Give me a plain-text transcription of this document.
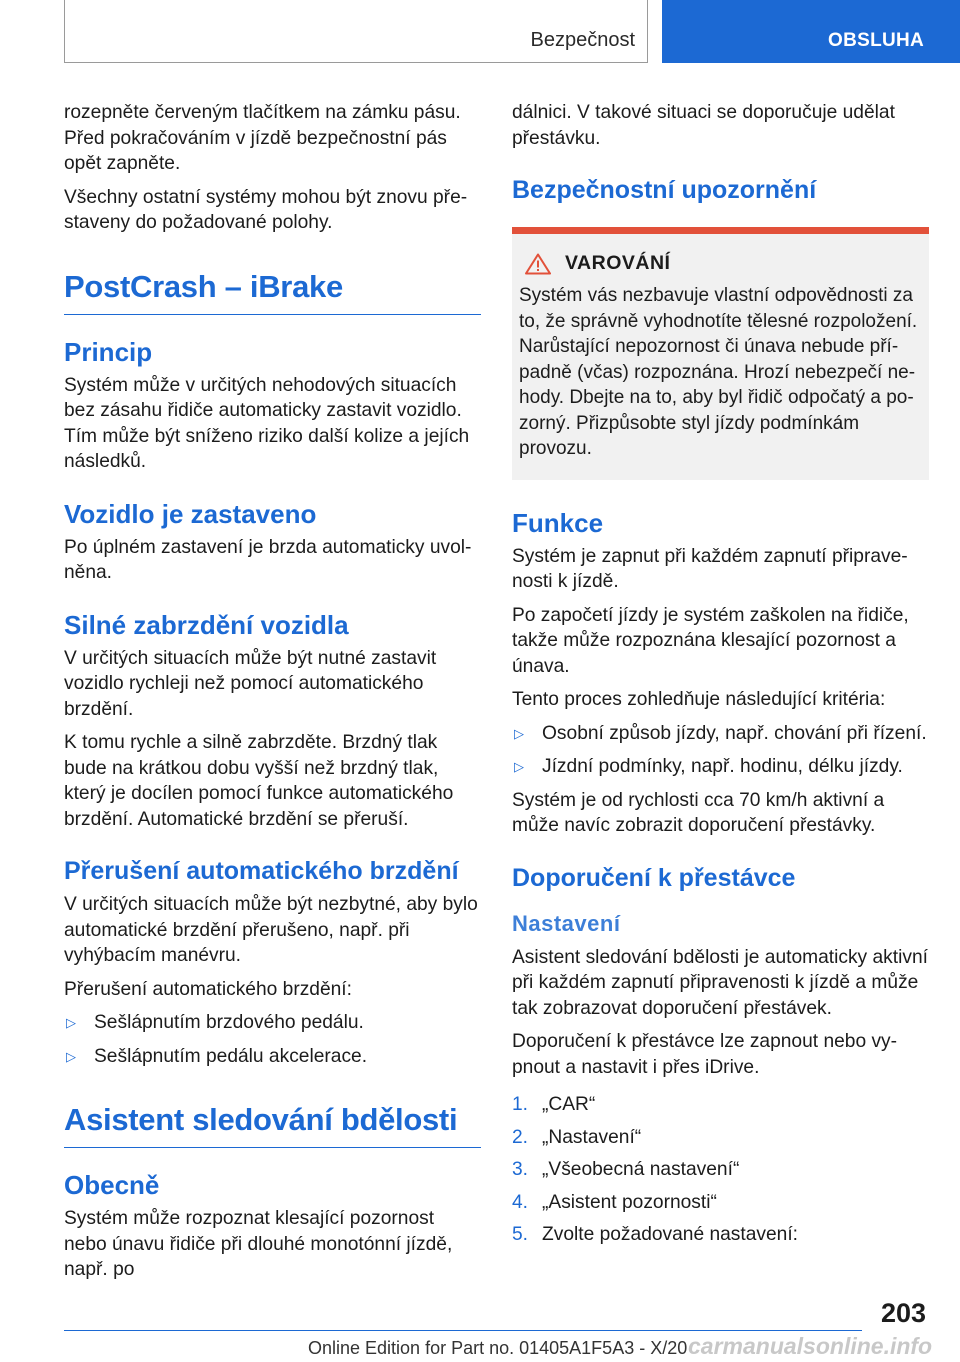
Bezpečnost	OBSLUHA

rozepněte červeným tlačítkem na zámku pásu. Před pokračováním v jízdě bezpečnostní pás opět zapněte.

Všechny ostatní systémy mohou být znovu přestaveny do požadované polohy.

PostCrash – iBrake
Princip

Systém může v určitých nehodových situacích bez zásahu řidiče automaticky zastavit vozidlo. Tím může být sníženo riziko další kolize a jejích následků.

Vozidlo je zastaveno

Po úplném zastavení je brzda automaticky uvolněna.

Silné zabrzdění vozidla

V určitých situacích může být nutné zastavit vozidlo rychleji než pomocí automatického brzdění.

K tomu rychle a silně zabrzděte. Brzdný tlak bude na krátkou dobu vyšší než brzdný tlak, který je docílen pomocí funkce automatického brzdění. Automatické brzdění se přeruší.

Přerušení automatického brzdění

V určitých situacích může být nezbytné, aby bylo automatické brzdění přerušeno, např. při vyhýbacím manévru.

Přerušení automatického brzdění:

▷ Sešlápnutím brzdového pedálu.
▷ Sešlápnutím pedálu akcelerace.
Asistent sledování bdělosti
Obecně

Systém může rozpoznat klesající pozornost nebo únavu řidiče při dlouhé monotónní jízdě, např. po

dálnici. V takové situaci se doporučuje udělat přestávku.

Bezpečnostní upozornění
VAROVÁNÍ

Systém vás nezbavuje vlastní odpovědnosti za to, že správně vyhodnotíte tělesné rozpoložení. Narůstající nepozornost či únava nebude případně (včas) rozpoznána. Hrozí nebezpečí nehody. Dbejte na to, aby byl řidič odpočatý a pozorný. Přizpůsobte styl jízdy podmínkám provozu.

Funkce

Systém je zapnut při každém zapnutí připravenosti k jízdě.

Po započetí jízdy je systém zaškolen na řidiče, takže může rozpoznána klesající pozornost a únava.

Tento proces zohledňuje následující kritéria:

▷ Osobní způsob jízdy, např. chování při řízení.
▷ Jízdní podmínky, např. hodinu, délku jízdy.

Systém je od rychlosti cca 70 km/h aktivní a může navíc zobrazit doporučení přestávky.

Doporučení k přestávce
Nastavení

Asistent sledování bdělosti je automaticky aktivní při každém zapnutí připravenosti k jízdě a může tak zobrazovat doporučení přestávek.

Doporučení k přestávce lze zapnout nebo vypnout a nastavit i přes iDrive.

1. „CAR“
2. „Nastavení“
3. „Všeobecná nastavení“
4. „Asistent pozornosti“
5. Zvolte požadované nastavení:
203
Online Edition for Part no. 01405A1F5A3 - X/20 carmanualsonline.info
